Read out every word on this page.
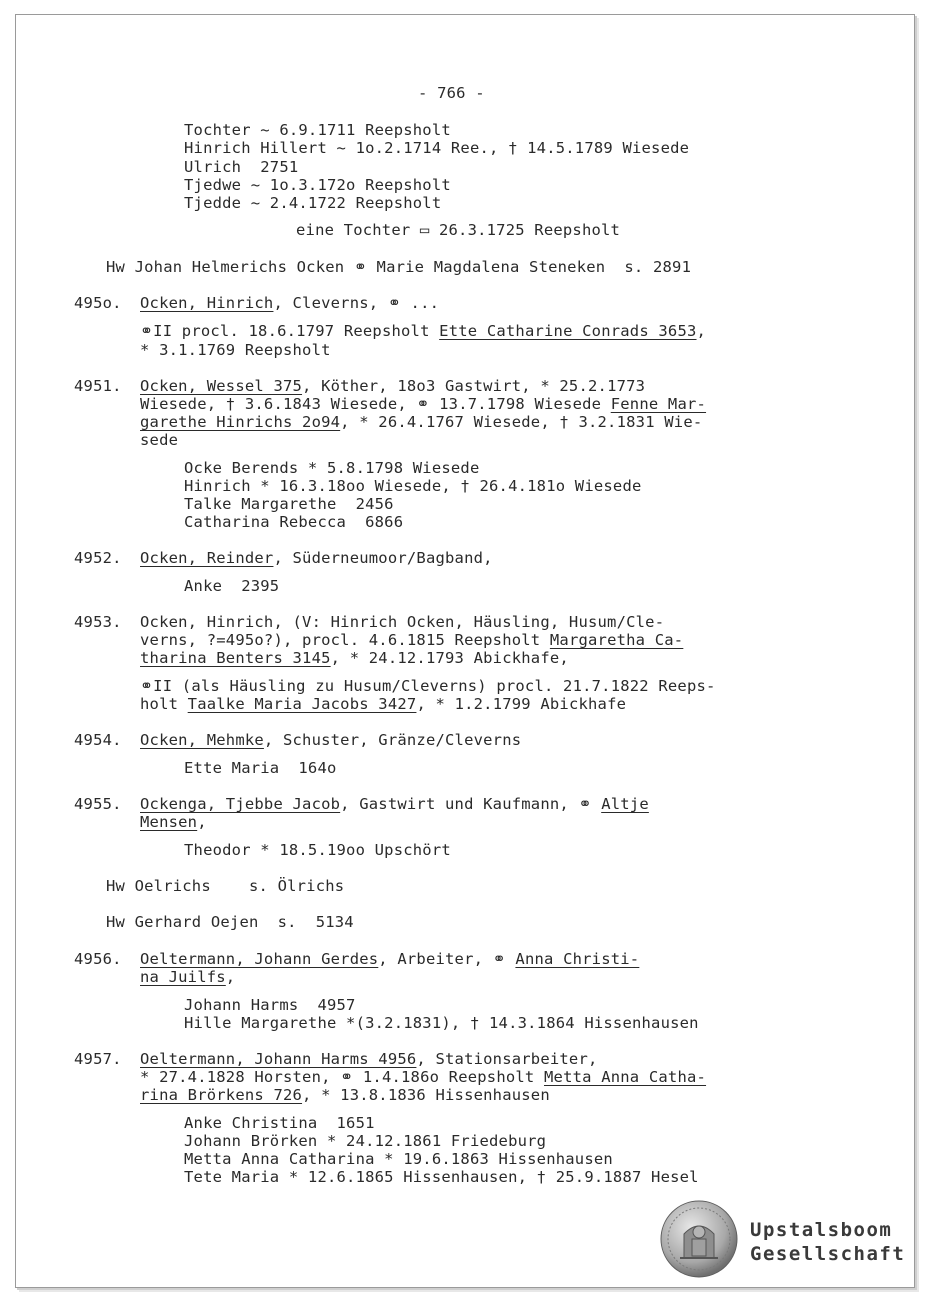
- 766 -
Tochter ~ 6.9.1711 Reepsholt
Hinrich Hillert ~ 1o.2.1714 Ree., † 14.5.1789 Wiesede
Ulrich  2751
Tjedwe ~ 1o.3.172o Reepsholt
Tjedde ~ 2.4.1722 Reepsholt
eine Tochter ▭ 26.3.1725 Reepsholt
Hw Johan Helmerichs Ocken ⚭ Marie Magdalena Steneken  s. 2891
495o. Ocken, Hinrich, Cleverns, ⚭ ...
⚭II procl. 18.6.1797 Reepsholt Ette Catharine Conrads 3653,
* 3.1.1769 Reepsholt
4951. Ocken, Wessel 375, Köther, 18o3 Gastwirt, * 25.2.1773
Wiesede, † 3.6.1843 Wiesede, ⚭ 13.7.1798 Wiesede Fenne Mar-
garethe Hinrichs 2o94, * 26.4.1767 Wiesede, † 3.2.1831 Wie-
sede
Ocke Berends * 5.8.1798 Wiesede
Hinrich * 16.3.18oo Wiesede, † 26.4.181o Wiesede
Talke Margarethe  2456
Catharina Rebecca  6866
4952. Ocken, Reinder, Süderneumoor/Bagband,
Anke  2395
4953. Ocken, Hinrich, (V: Hinrich Ocken, Häusling, Husum/Cle-
verns, ?=495o?), procl. 4.6.1815 Reepsholt Margaretha Ca-
tharina Benters 3145, * 24.12.1793 Abickhafe,
⚭II (als Häusling zu Husum/Cleverns) procl. 21.7.1822 Reeps-
holt Taalke Maria Jacobs 3427, * 1.2.1799 Abickhafe
4954. Ocken, Mehmke, Schuster, Gränze/Cleverns
Ette Maria  164o
4955. Ockenga, Tjebbe Jacob, Gastwirt und Kaufmann, ⚭ Altje
Mensen,
Theodor * 18.5.19oo Upschört
Hw Oelrichs    s. Ölrichs
Hw Gerhard Oejen  s.  5134
4956. Oeltermann, Johann Gerdes, Arbeiter, ⚭ Anna Christi-
na Juilfs,
Johann Harms  4957
Hille Margarethe *(3.2.1831), † 14.3.1864 Hissenhausen
4957. Oeltermann, Johann Harms 4956, Stationsarbeiter,
* 27.4.1828 Horsten, ⚭ 1.4.186o Reepsholt Metta Anna Catha-
rina Brörkens 726, * 13.8.1836 Hissenhausen
Anke Christina  1651
Johann Brörken * 24.12.1861 Friedeburg
Metta Anna Catharina * 19.6.1863 Hissenhausen
Tete Maria * 12.6.1865 Hissenhausen, † 25.9.1887 Hesel
Upstalsboom
Gesellschaft
